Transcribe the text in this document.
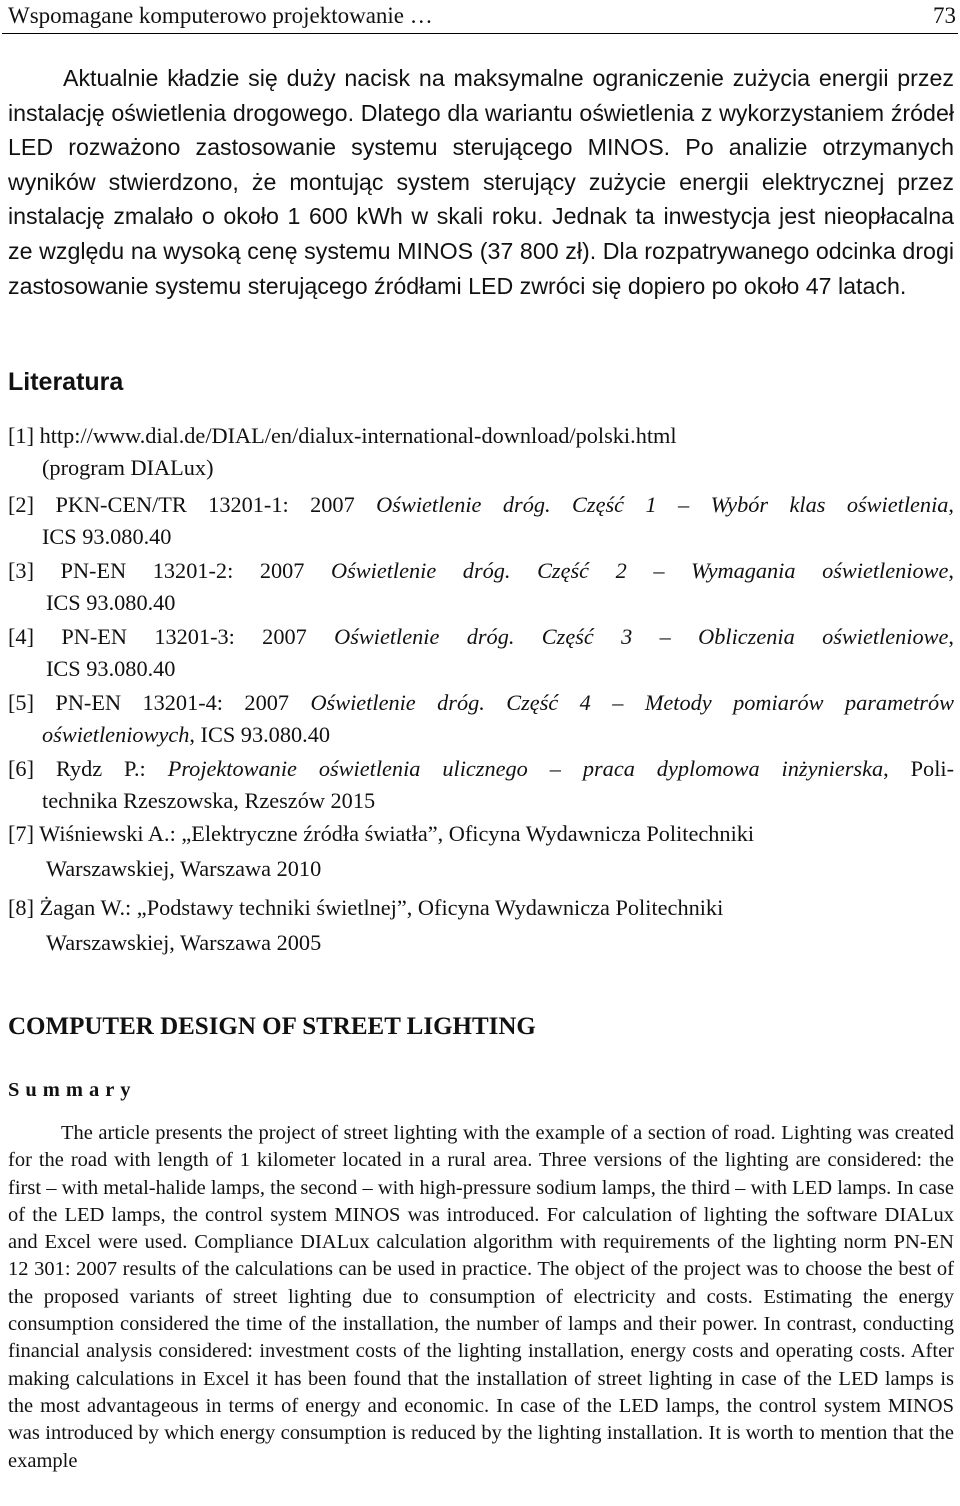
Wspomagane komputerowo projektowanie …	73

Aktualnie kładzie się duży nacisk na maksymalne ograniczenie zużycia energii przez instalację oświetlenia drogowego. Dlatego dla wariantu oświetlenia z wykorzystaniem źródeł LED rozważono zastosowanie systemu sterującego MINOS. Po analizie otrzymanych wyników stwierdzono, że montując system sterujący zużycie energii elektrycznej przez instalację zmalało o około 1 600 kWh w skali roku. Jednak ta inwestycja jest nieopłacalna ze względu na wysoką cenę systemu MINOS (37 800 zł). Dla rozpatrywanego odcinka drogi zastosowanie systemu sterującego źródłami LED zwróci się dopiero po około 47 latach.

Literatura
[1] http://www.dial.de/DIAL/en/dialux-international-download/polski.html
(program DIALux)
[2] PKN-CEN/TR 13201-1: 2007 Oświetlenie dróg. Część 1 – Wybór klas oświetlenia,
ICS 93.080.40
[3] PN-EN 13201-2: 2007 Oświetlenie dróg. Część 2 – Wymagania oświetleniowe,
ICS 93.080.40
[4] PN-EN 13201-3: 2007 Oświetlenie dróg. Część 3 – Obliczenia oświetleniowe,
ICS 93.080.40
[5] PN-EN 13201-4: 2007 Oświetlenie dróg. Część 4 – Metody pomiarów parametrów
oświetleniowych, ICS 93.080.40
[6] Rydz P.: Projektowanie oświetlenia ulicznego – praca dyplomowa inżynierska, Poli-
technika Rzeszowska, Rzeszów 2015
[7] Wiśniewski A.: „Elektryczne źródła światła”, Oficyna Wydawnicza Politechniki
Warszawskiej, Warszawa 2010
[8] Żagan W.: „Podstawy techniki świetlnej”, Oficyna Wydawnicza Politechniki
Warszawskiej, Warszawa 2005
COMPUTER DESIGN OF STREET LIGHTING
Summary

The article presents the project of street lighting with the example of a section of road. Lighting was created for the road with length of 1 kilometer located in a rural area. Three versions of the lighting are considered: the first – with metal-halide lamps, the second – with high-pressure sodium lamps, the third – with LED lamps. In case of the LED lamps, the control system MINOS was introduced. For calculation of lighting the software DIALux and Excel were used. Compliance DIALux calculation algorithm with requirements of the lighting norm PN-EN 12 301: 2007 results of the calculations can be used in practice. The object of the project was to choose the best of the proposed variants of street lighting due to consumption of electricity and costs. Estimating the energy consumption considered the time of the installation, the number of lamps and their power. In contrast, conducting financial analysis considered: investment costs of the lighting installation, energy costs and operating costs. After making calculations in Excel it has been found that the installation of street lighting in case of the LED lamps is the most advantageous in terms of energy and economic. In case of the LED lamps, the control system MINOS was introduced by which energy consumption is reduced by the lighting installation. It is worth to mention that the example
